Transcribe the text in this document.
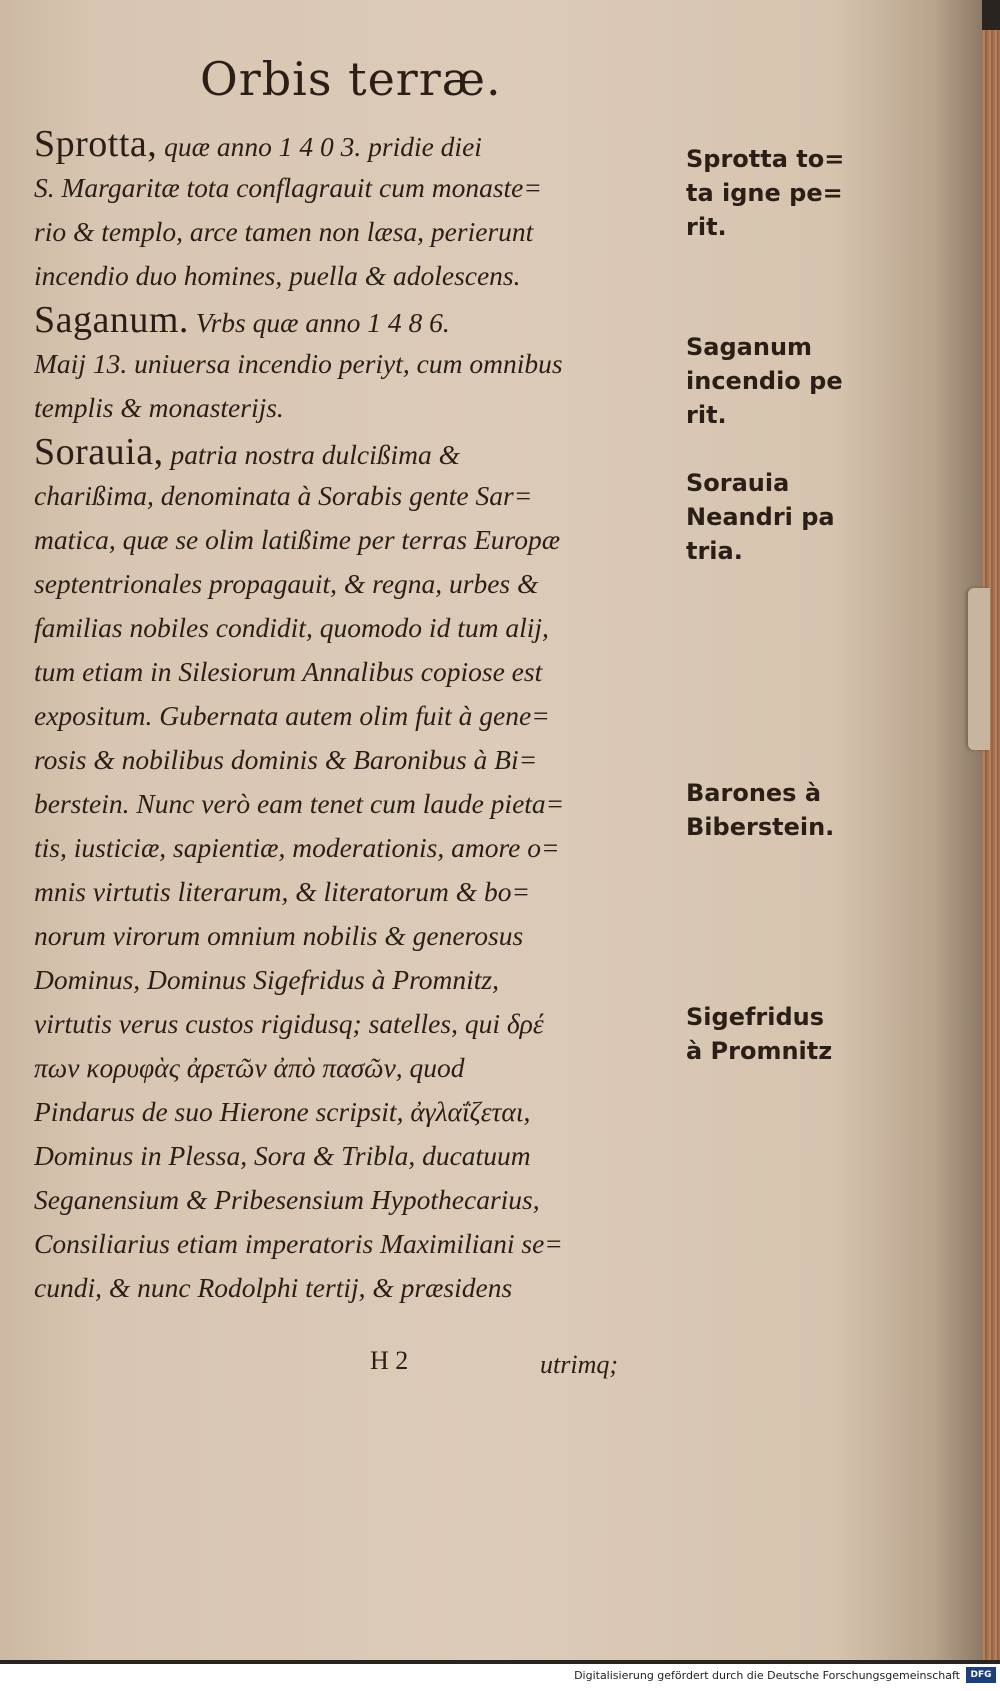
Orbis terræ.
Sprotta, quæ anno 1 4 0 3. pridie diei
S. Margaritæ tota conflagrauit cum monaste=
rio & templo, arce tamen non læsa, perierunt
incendio duo homines, puella & adolescens.
Saganum. Vrbs quæ anno 1 4 8 6.
Maij 13. uniuersa incendio periyt, cum omnibus
templis & monasterijs.
Sorauia, patria nostra dulcißima &
charißima, denominata à Sorabis gente Sar=
matica, quæ se olim latißime per terras Europæ
septentrionales propagauit, & regna, urbes &
familias nobiles condidit, quomodo id tum alij,
tum etiam in Silesiorum Annalibus copiose est
expositum. Gubernata autem olim fuit à gene=
rosis & nobilibus dominis & Baronibus à Bi=
berstein. Nunc verò eam tenet cum laude pieta=
tis, iusticiæ, sapientiæ, moderationis, amore o=
mnis virtutis literarum, & literatorum & bo=
norum virorum omnium nobilis & generosus
Dominus, Dominus Sigefridus à Promnitz,
virtutis verus custos rigidusq; satelles, qui δρέ
πων κορυφὰς ἀρετῶν ἀπὸ πασῶν, quod
Pindarus de suo Hierone scripsit, ἀγλαΐζεται,
Dominus in Plessa, Sora & Tribla, ducatuum
Seganensium & Pribesensium Hypothecarius,
Consiliarius etiam imperatoris Maximiliani se=
cundi, & nunc Rodolphi tertij, & præsidens
Sprotta to=
ta igne pe=
rit.
Saganum
incendio pe
rit.
Sorauia
Neandri pa
tria.
Barones à
Biberstein.
Sigefridus
à Promnitz
H 2	utrimq;
Digitalisierung gefördert durch die Deutsche Forschungsgemeinschaft	DFG
